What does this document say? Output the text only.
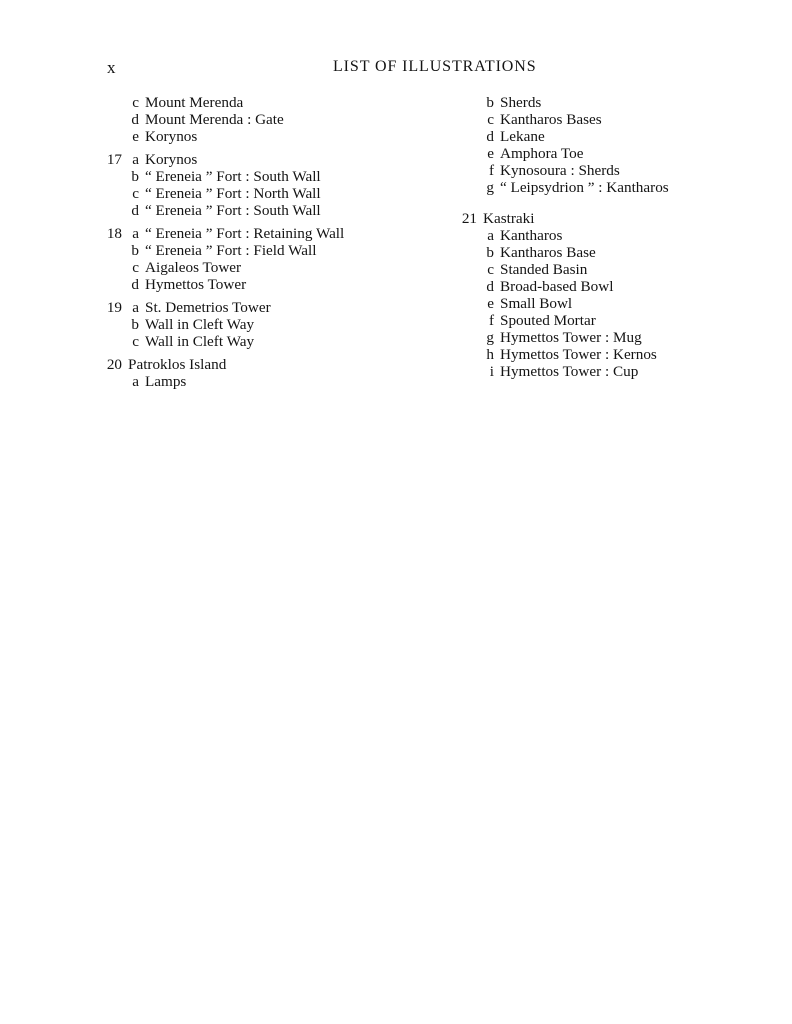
x	LIST OF ILLUSTRATIONS
c Mount Merenda
d Mount Merenda : Gate
e Korynos
17 a Korynos
b “ Ereneia ” Fort : South Wall
c “ Ereneia ” Fort : North Wall
d “ Ereneia ” Fort : South Wall
18 a “ Ereneia ” Fort : Retaining Wall
b “ Ereneia ” Fort : Field Wall
c Aigaleos Tower
d Hymettos Tower
19 a St. Demetrios Tower
b Wall in Cleft Way
c Wall in Cleft Way
20 Patroklos Island
a Lamps
b Sherds
c Kantharos Bases
d Lekane
e Amphora Toe
f Kynosoura : Sherds
g “ Leipsydrion ” : Kantharos
21 Kastraki
a Kantharos
b Kantharos Base
c Standed Basin
d Broad-based Bowl
e Small Bowl
f Spouted Mortar
g Hymettos Tower : Mug
h Hymettos Tower : Kernos
i Hymettos Tower : Cup
